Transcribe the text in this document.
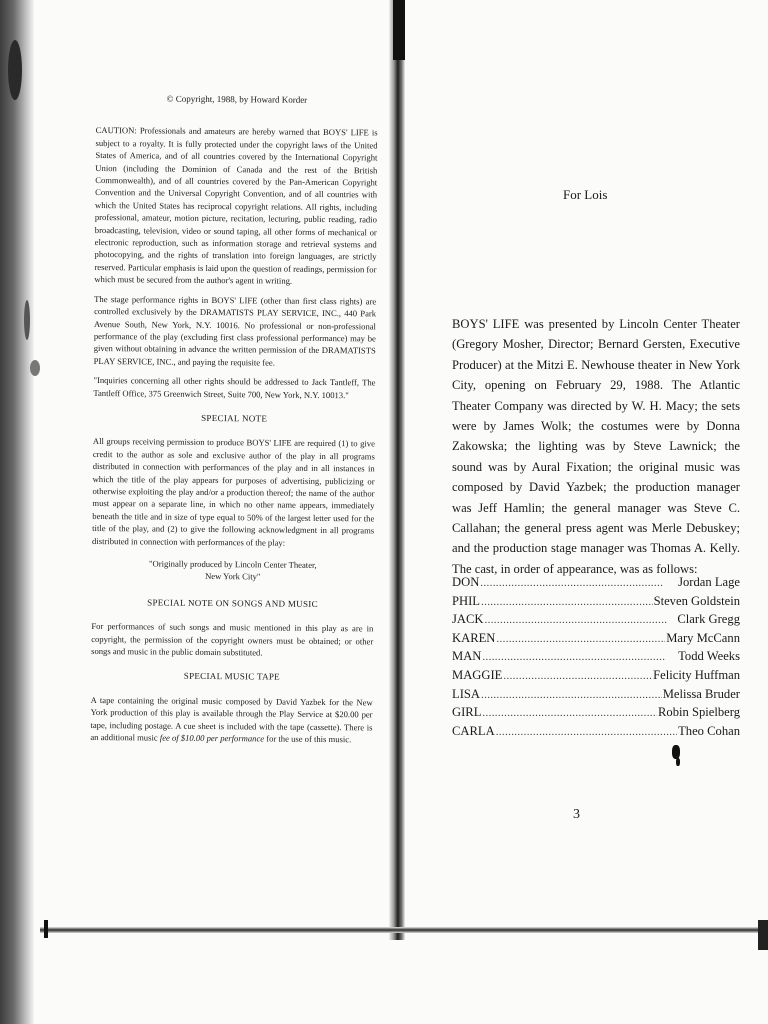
© Copyright, 1988, by Howard Korder

CAUTION: Professionals and amateurs are hereby warned that BOYS' LIFE is subject to a royalty. It is fully protected under the copyright laws of the United States of America, and of all countries covered by the International Copyright Union (including the Dominion of Canada and the rest of the British Commonwealth), and of all countries covered by the Pan-American Copyright Convention and the Universal Copyright Convention, and of all countries with which the United States has reciprocal copyright relations. All rights, including professional, amateur, motion picture, recitation, lecturing, public reading, radio broadcasting, television, video or sound taping, all other forms of mechanical or electronic reproduction, such as information storage and retrieval systems and photocopying, and the rights of translation into foreign languages, are strictly reserved. Particular emphasis is laid upon the question of readings, permission for which must be secured from the author's agent in writing.

The stage performance rights in BOYS' LIFE (other than first class rights) are controlled exclusively by the DRAMATISTS PLAY SERVICE, INC., 440 Park Avenue South, New York, N.Y. 10016. No professional or non-professional performance of the play (excluding first class professional performance) may be given without obtaining in advance the written permission of the DRAMATISTS PLAY SERVICE, INC., and paying the requisite fee.

"Inquiries concerning all other rights should be addressed to Jack Tantleff, The Tantleff Office, 375 Greenwich Street, Suite 700, New York, N.Y. 10013."

SPECIAL NOTE

All groups receiving permission to produce BOYS' LIFE are required (1) to give credit to the author as sole and exclusive author of the play in all programs distributed in connection with performances of the play and in all instances in which the title of the play appears for purposes of advertising, publicizing or otherwise exploiting the play and/or a production thereof; the name of the author must appear on a separate line, in which no other name appears, immediately beneath the title and in size of type equal to 50% of the largest letter used for the title of the play, and (2) to give the following acknowledgment in all programs distributed in connection with performances of the play:

"Originally produced by Lincoln Center Theater,
New York City"
SPECIAL NOTE ON SONGS AND MUSIC

For performances of such songs and music mentioned in this play as are in copyright, the permission of the copyright owners must be obtained; or other songs and music in the public domain substituted.

SPECIAL MUSIC TAPE

A tape containing the original music composed by David Yazbek for the New York production of this play is available through the Play Service at $20.00 per tape, including postage. A cue sheet is included with the tape (cassette). There is an additional music fee of $10.00 per performance for the use of this music.

For Lois

BOYS' LIFE was presented by Lincoln Center Theater (Gregory Mosher, Director; Bernard Gersten, Executive Producer) at the Mitzi E. Newhouse theater in New York City, opening on February 29, 1988. The Atlantic Theater Company was directed by W. H. Macy; the sets were by James Wolk; the costumes were by Donna Zakowska; the lighting was by Steve Lawnick; the sound was by Aural Fixation; the original music was composed by David Yazbek; the production manager was Jeff Hamlin; the general manager was Steve C. Callahan; the general press agent was Merle Debuskey; and the production stage manager was Thomas A. Kelly. The cast, in order of appearance, was as follows:

DON . . .	Jordan Lage
PHIL . . .	Steven Goldstein
JACK . . .	Clark Gregg
KAREN . . .	Mary McCann
MAN . . .	Todd Weeks
MAGGIE . . .	Felicity Huffman
LISA . . .	Melissa Bruder
GIRL . . .	Robin Spielberg
CARLA . . .	Theo Cohan
3
